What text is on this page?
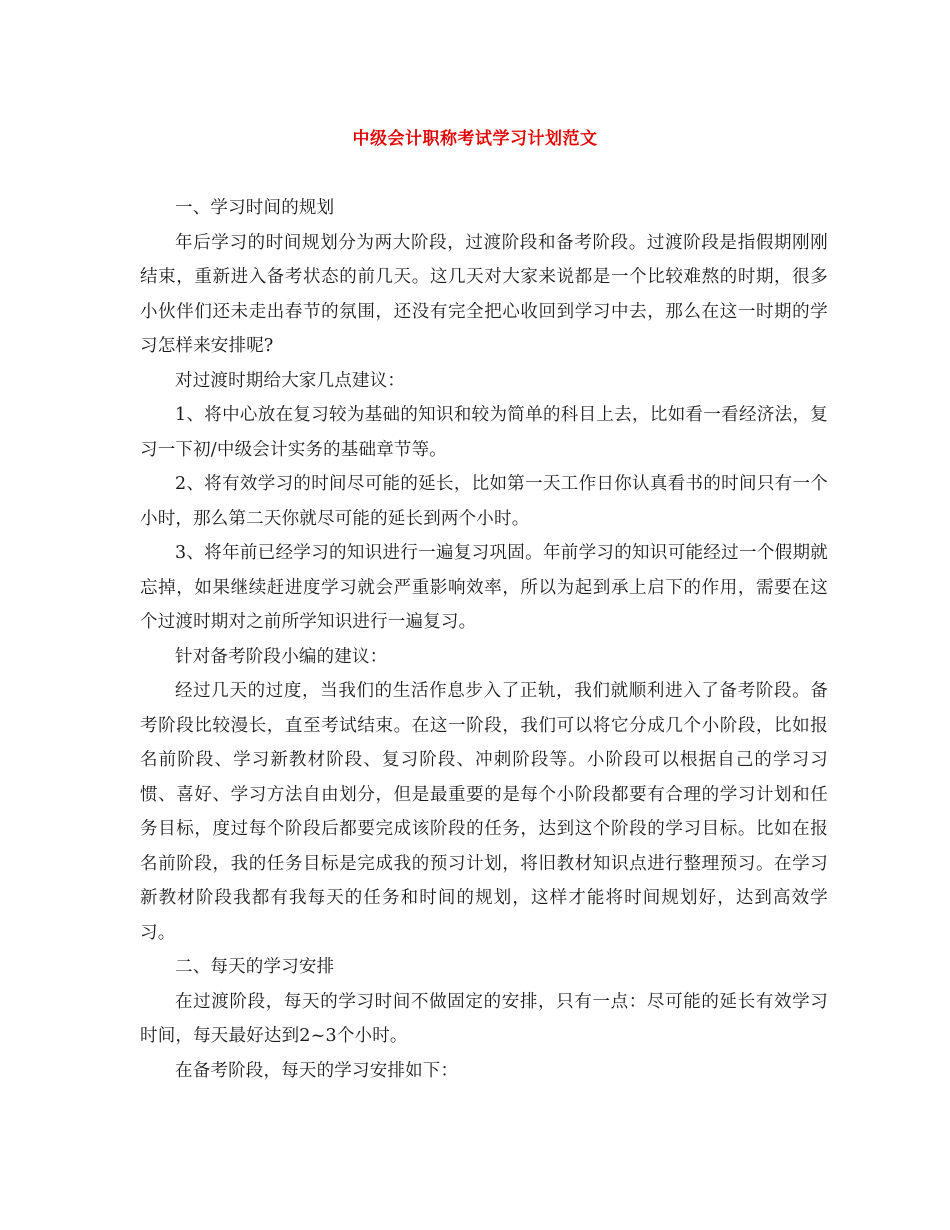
中级会计职称考试学习计划范文

一、学习时间的规划

年后学习的时间规划分为两大阶段，过渡阶段和备考阶段。过渡阶段是指假期刚刚结束，重新进入备考状态的前几天。这几天对大家来说都是一个比较难熬的时期，很多小伙伴们还未走出春节的氛围，还没有完全把心收回到学习中去，那么在这一时期的学习怎样来安排呢?

对过渡时期给大家几点建议：

1、将中心放在复习较为基础的知识和较为简单的科目上去，比如看一看经济法，复习一下初/中级会计实务的基础章节等。

2、将有效学习的时间尽可能的延长，比如第一天工作日你认真看书的时间只有一个小时，那么第二天你就尽可能的延长到两个小时。

3、将年前已经学习的知识进行一遍复习巩固。年前学习的知识可能经过一个假期就忘掉，如果继续赶进度学习就会严重影响效率，所以为起到承上启下的作用，需要在这个过渡时期对之前所学知识进行一遍复习。

针对备考阶段小编的建议：

经过几天的过度，当我们的生活作息步入了正轨，我们就顺利进入了备考阶段。备考阶段比较漫长，直至考试结束。在这一阶段，我们可以将它分成几个小阶段，比如报名前阶段、学习新教材阶段、复习阶段、冲刺阶段等。小阶段可以根据自己的学习习惯、喜好、学习方法自由划分，但是最重要的是每个小阶段都要有合理的学习计划和任务目标，度过每个阶段后都要完成该阶段的任务，达到这个阶段的学习目标。比如在报名前阶段，我的任务目标是完成我的预习计划，将旧教材知识点进行整理预习。在学习新教材阶段我都有我每天的任务和时间的规划，这样才能将时间规划好，达到高效学习。

二、每天的学习安排

在过渡阶段，每天的学习时间不做固定的安排，只有一点：尽可能的延长有效学习时间，每天最好达到2~3个小时。

在备考阶段，每天的学习安排如下：
